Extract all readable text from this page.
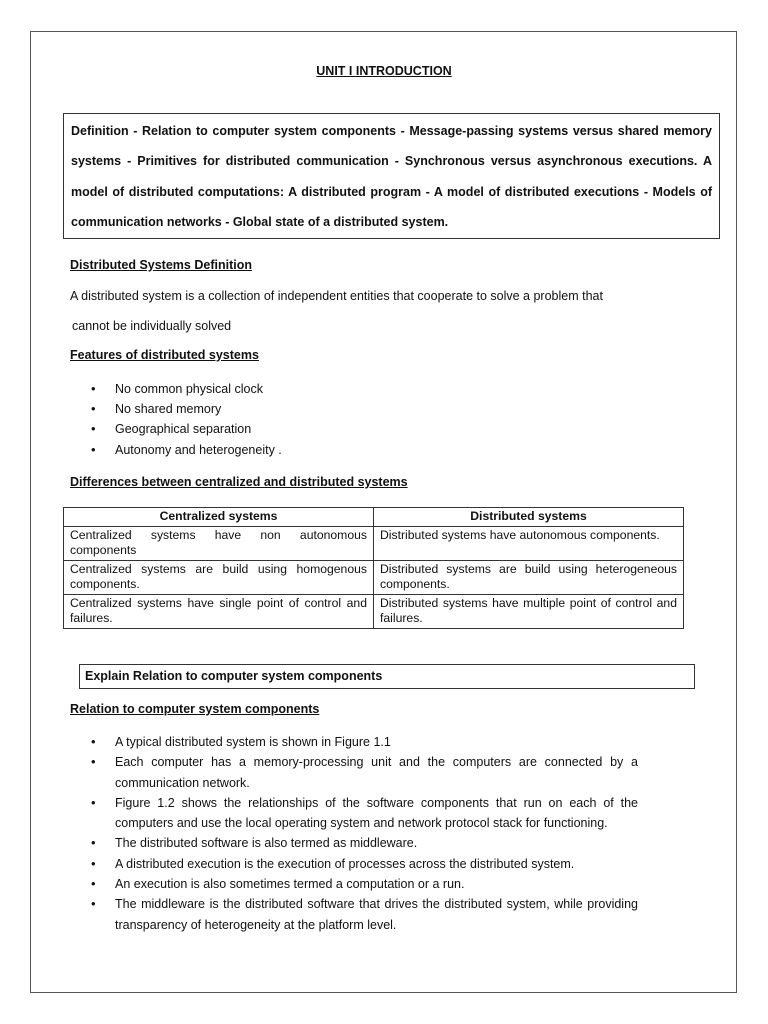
UNIT I INTRODUCTION

Definition - Relation to computer system components - Message-passing systems versus shared memory systems - Primitives for distributed communication - Synchronous versus asynchronous executions. A model of distributed computations: A distributed program - A model of distributed executions - Models of communication networks - Global state of a distributed system.

Distributed Systems Definition
A distributed system is a collection of independent entities that cooperate to solve a problem that
cannot be individually solved
Features of distributed systems
• No common physical clock
• No shared memory
• Geographical separation
• Autonomy and heterogeneity .
Differences between centralized and distributed systems
Centralized systems	Distributed systems
Centralized systems have non autonomous components	Distributed systems have autonomous components.
Centralized systems are build using homogenous components.	Distributed systems are build using heterogeneous components.
Centralized systems have single point of control and failures.	Distributed systems have multiple point of control and failures.
Explain Relation to computer system components
Relation to computer system components
• A typical distributed system is shown in Figure 1.1
• Each computer has a memory-processing unit and the computers are connected by a communication network.
• Figure 1.2 shows the relationships of the software components that run on each of the computers and use the local operating system and network protocol stack for functioning.
• The distributed software is also termed as middleware.
• A distributed execution is the execution of processes across the distributed system.
• An execution is also sometimes termed a computation or a run.
• The middleware is the distributed software that drives the distributed system, while providing transparency of heterogeneity at the platform level.
